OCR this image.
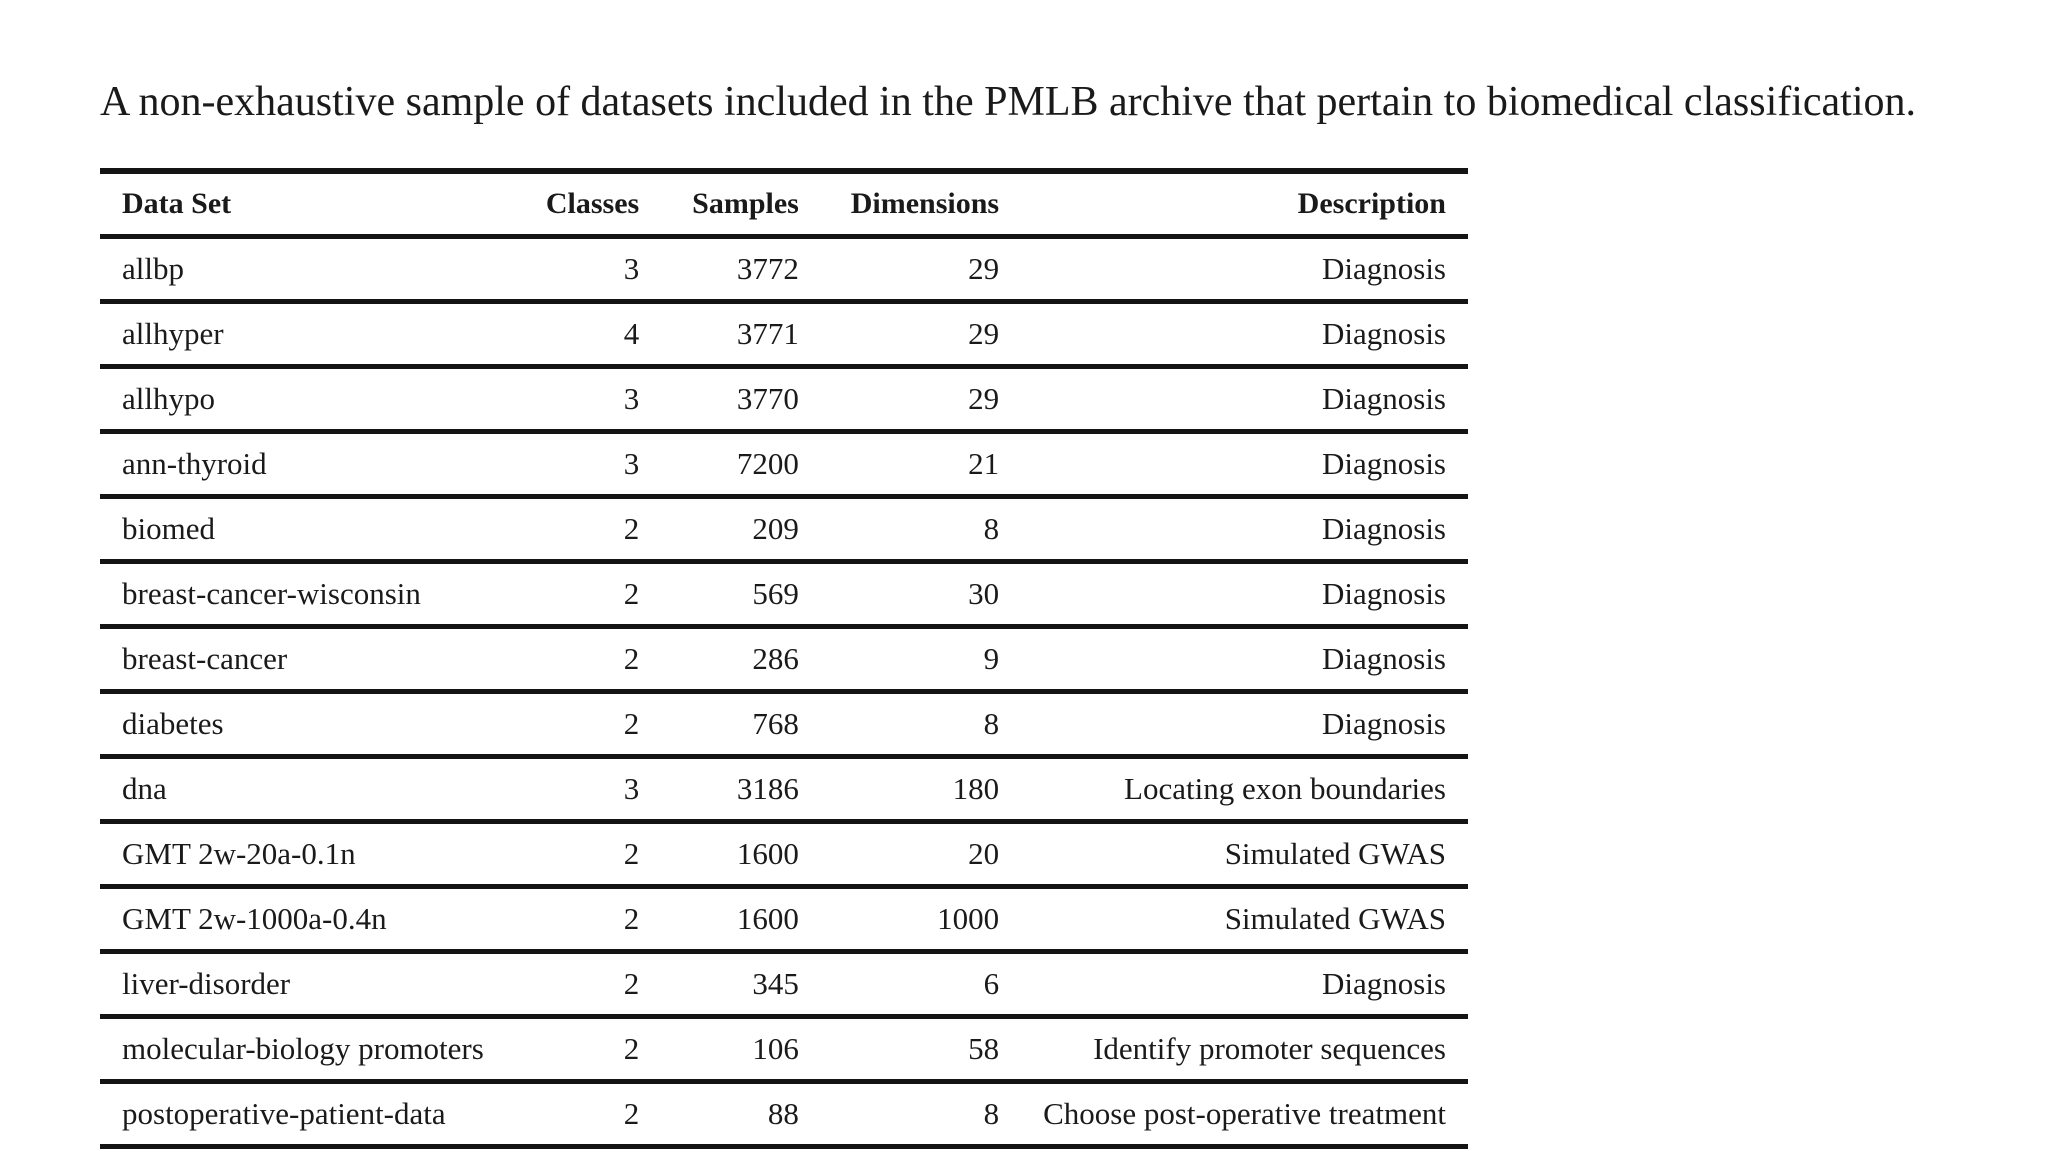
A non-exhaustive sample of datasets included in the PMLB archive that pertain to biomedical classification.
Data Set	Classes	Samples	Dimensions	Description
allbp	3	3772	29	Diagnosis
allhyper	4	3771	29	Diagnosis
allhypo	3	3770	29	Diagnosis
ann-thyroid	3	7200	21	Diagnosis
biomed	2	209	8	Diagnosis
breast-cancer-wisconsin	2	569	30	Diagnosis
breast-cancer	2	286	9	Diagnosis
diabetes	2	768	8	Diagnosis
dna	3	3186	180	Locating exon boundaries
GMT 2w-20a-0.1n	2	1600	20	Simulated GWAS
GMT 2w-1000a-0.4n	2	1600	1000	Simulated GWAS
liver-disorder	2	345	6	Diagnosis
molecular-biology promoters	2	106	58	Identify promoter sequences
postoperative-patient-data	2	88	8	Choose post-operative treatment
